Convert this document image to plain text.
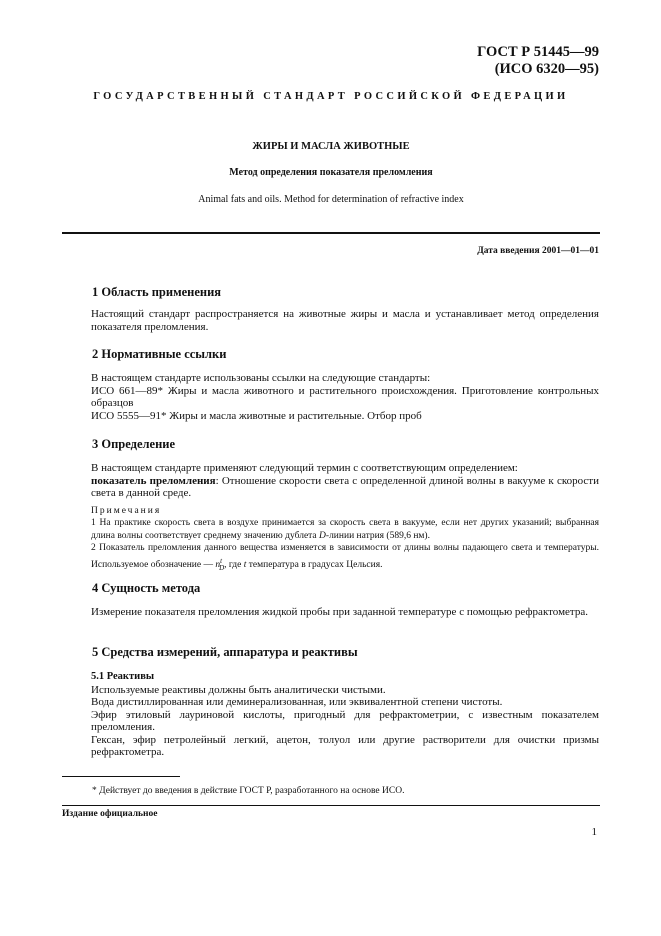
ГОСТ Р 51445—99
(ИСО 6320—95)
ГОСУДАРСТВЕННЫЙ СТАНДАРТ РОССИЙСКОЙ ФЕДЕРАЦИИ
ЖИРЫ И МАСЛА ЖИВОТНЫЕ
Метод определения показателя преломления
Animal fats and oils. Method for determination of refractive index
Дата введения 2001—01—01
1 Область применения

Настоящий стандарт распространяется на животные жиры и масла и устанавливает метод определения показателя преломления.

2 Нормативные ссылки

В настоящем стандарте использованы ссылки на следующие стандарты:

ИСО 661—89* Жиры и масла животного и растительного происхождения. Приготовление контрольных образцов

ИСО 5555—91* Жиры и масла животные и растительные. Отбор проб

3 Определение

В настоящем стандарте применяют следующий термин с соответствующим определением:

показатель преломления: Отношение скорости света с определенной длиной волны в вакууме к скорости света в данной среде.

Примечания

1 На практике скорость света в воздухе принимается за скорость света в вакууме, если нет других указаний; выбранная длина волны соответствует среднему значению дублета D-линии натрия (589,6 нм).

2 Показатель преломления данного вещества изменяется в зависимости от длины волны падающего света и температуры. Используемое обозначение — $n^t_D$, где t температура в градусах Цельсия.

4 Сущность метода

Измерение показателя преломления жидкой пробы при заданной температуре с помощью рефрактометра.

5 Средства измерений, аппаратура и реактивы

5.1 Реактивы

Используемые реактивы должны быть аналитически чистыми.

Вода дистиллированная или деминерализованная, или эквивалентной степени чистоты.

Эфир этиловый лауриновой кислоты, пригодный для рефрактометрии, с известным показателем преломления.

Гексан, эфир петролейный легкий, ацетон, толуол или другие растворители для очистки призмы рефрактометра.

* Действует до введения в действие ГОСТ Р, разработанного на основе ИСО.
Издание официальное
1
